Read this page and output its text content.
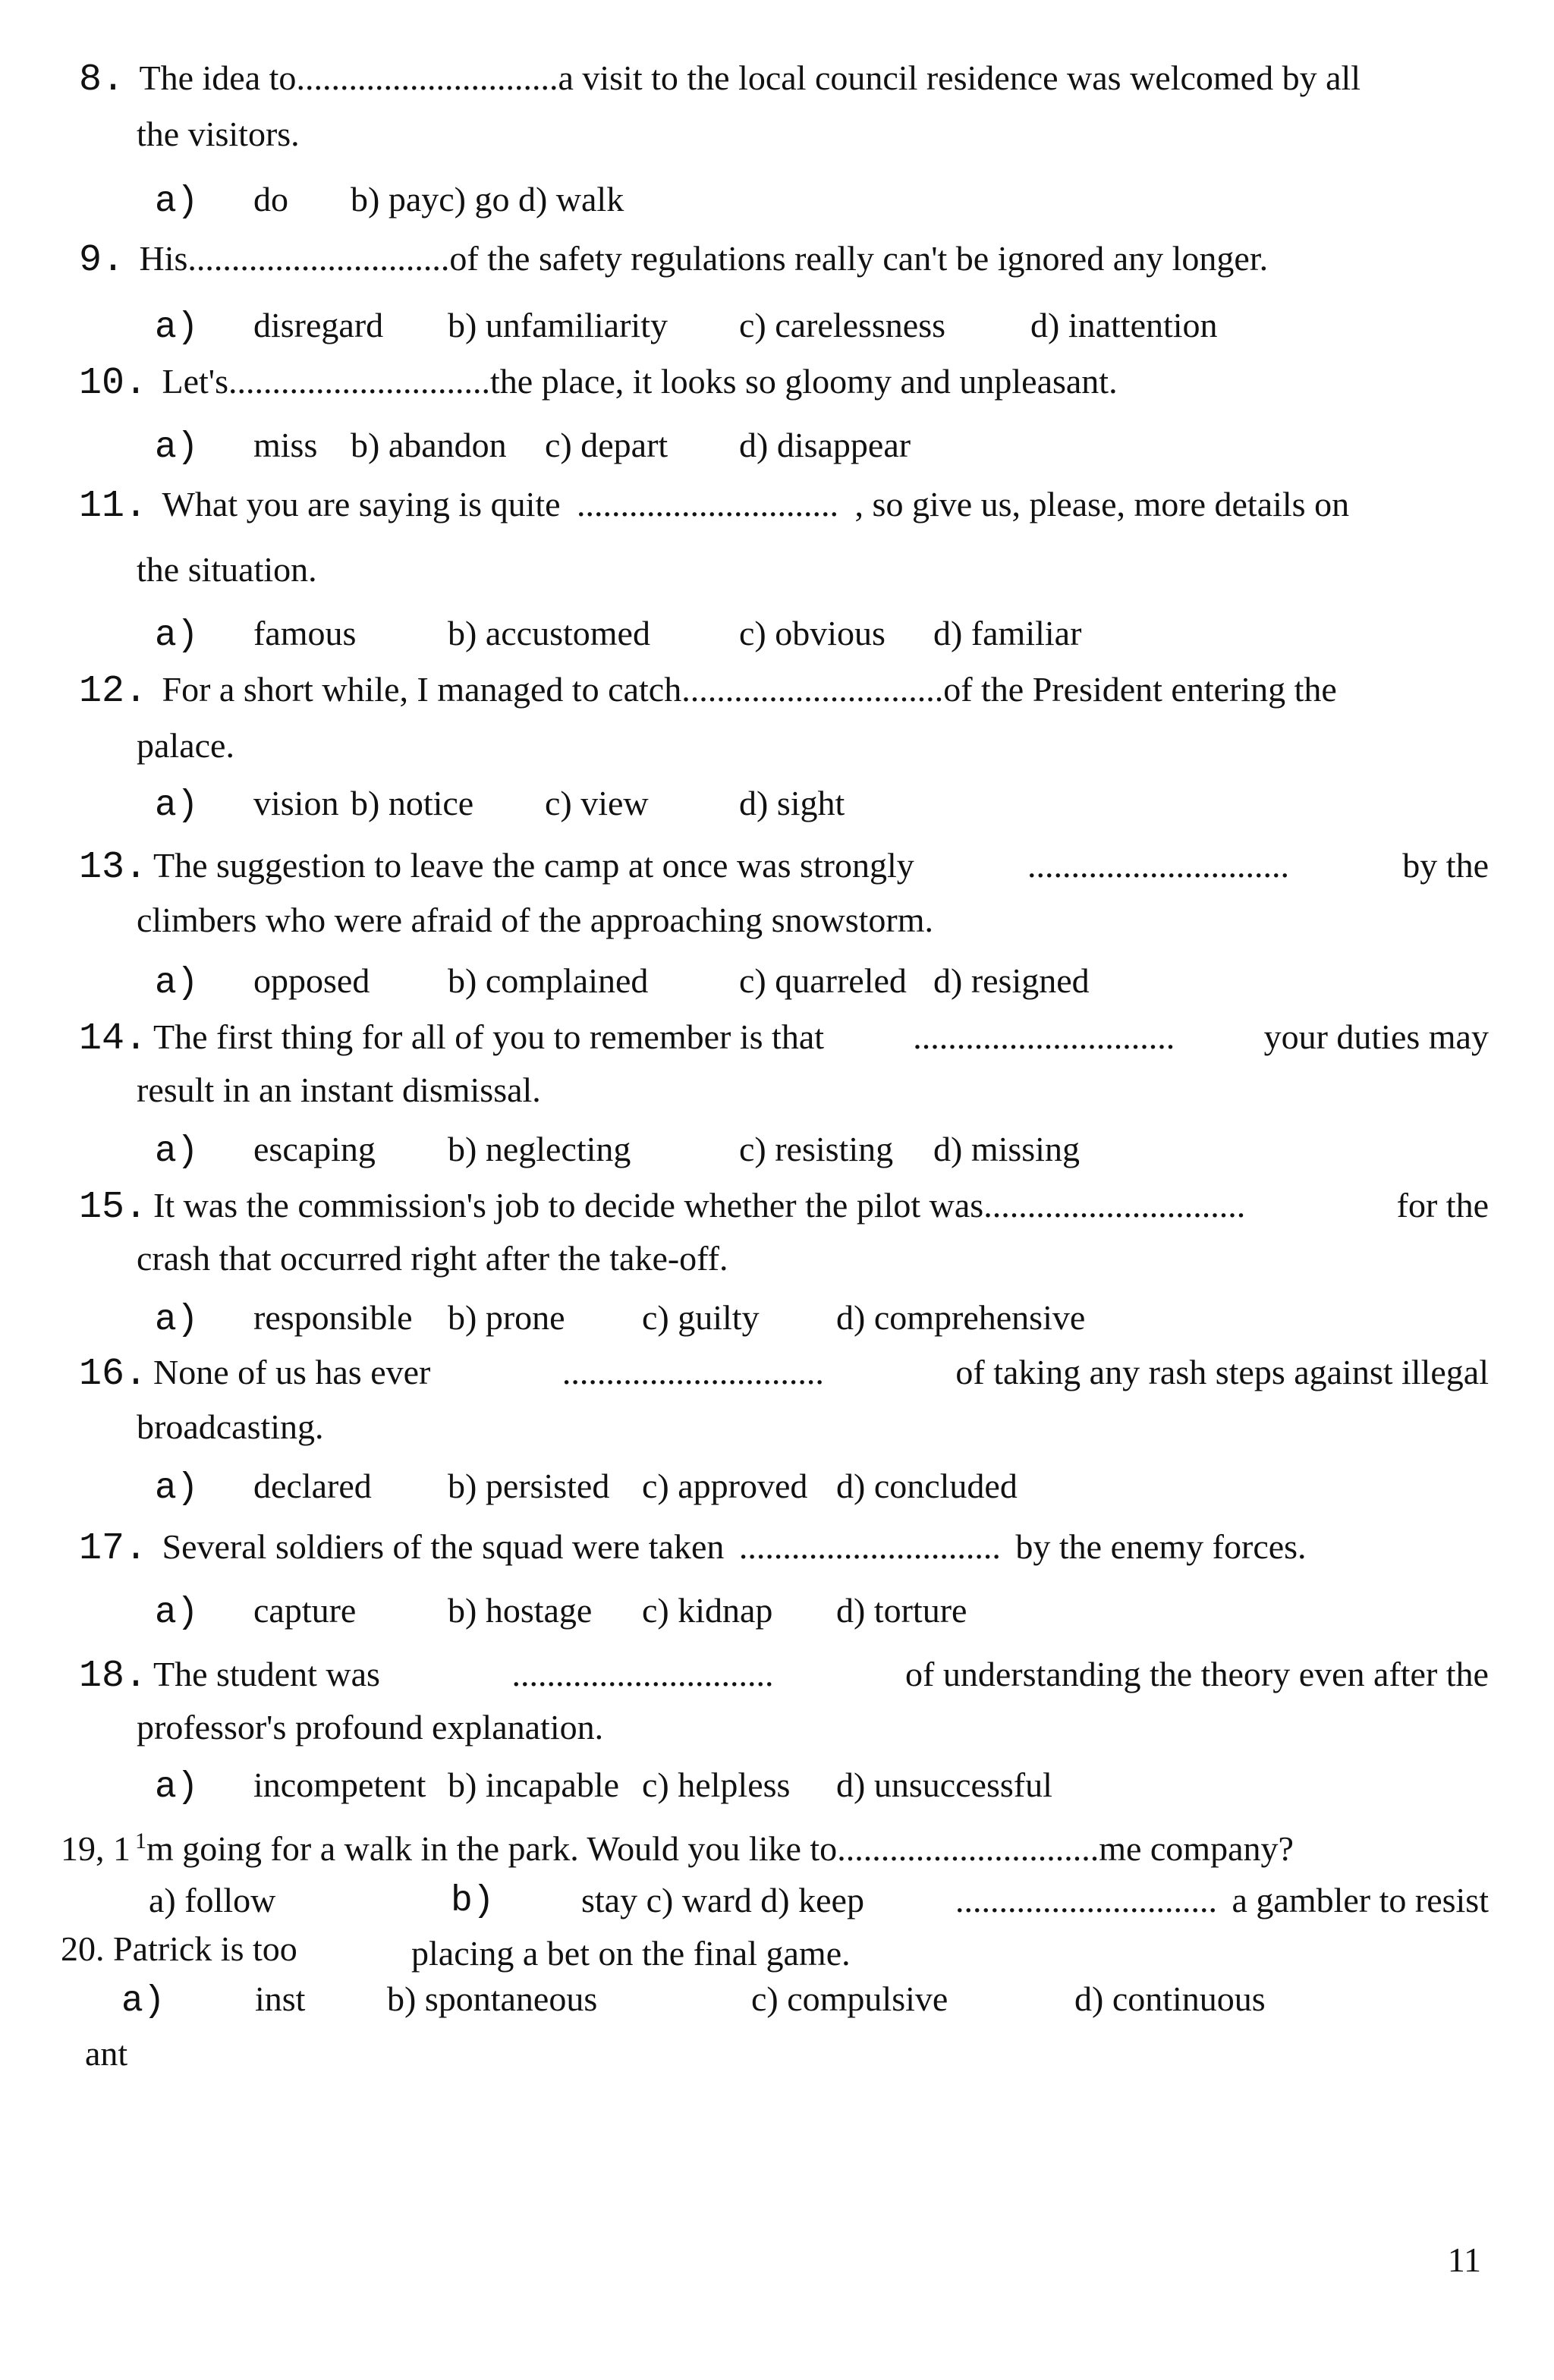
8. The idea to..............................a visit to the local council residence was welcomed by all
the visitors.
a) do b) payc) go d) walk
9. His..............................of the safety regulations really can't be ignored any longer.
a) disregard b) unfamiliarity c) carelessness d) inattention
10. Let's..............................the place, it looks so gloomy and unpleasant.
a) miss b) abandon c) depart d) disappear
11. What you are saying is quite .............................. , so give us, please, more details on
the situation.
a) famous	b) accustomed	c) obvious d) familiar
12. For a short while, I managed to catch..............................of the President entering the
palace.
a) vision b) notice c) view	d) sight
13. The suggestion to leave the camp at once was strongly	..............................	by the
climbers who were afraid of the approaching snowstorm.
a) opposed b) complained	c) quarreled d) resigned
14. The first thing for all of you to remember is that	..............................	your duties may
result in an instant dismissal.
a) escaping b) neglecting	c) resisting d) missing
15. It was the commission's job to decide whether the pilot was..............................	for the
crash that occurred right after the take-off.
a) responsible b) prone c) guilty d) comprehensive
16. None of us has ever	..............................	of taking any rash steps against illegal
broadcasting.
a) declared b) persisted c) approved d) concluded
17. Several soldiers of the squad were taken .............................. by the enemy forces.
a) capture	b) hostage c) kidnap d) torture
18. The student was	..............................	of understanding the theory even after the
professor's profound explanation.
a) incompetent b) incapable c) helpless d) unsuccessful
19, 1 $^1$m going for a walk in the park. Would you like to..............................me company?
a) follow	b) stay c) ward d) keep	.............................. a gambler to resist
20. Patrick is too	placing a bet on the final game.
a)	inst b) spontaneous	c) compulsive	d) continuous
ant
11
